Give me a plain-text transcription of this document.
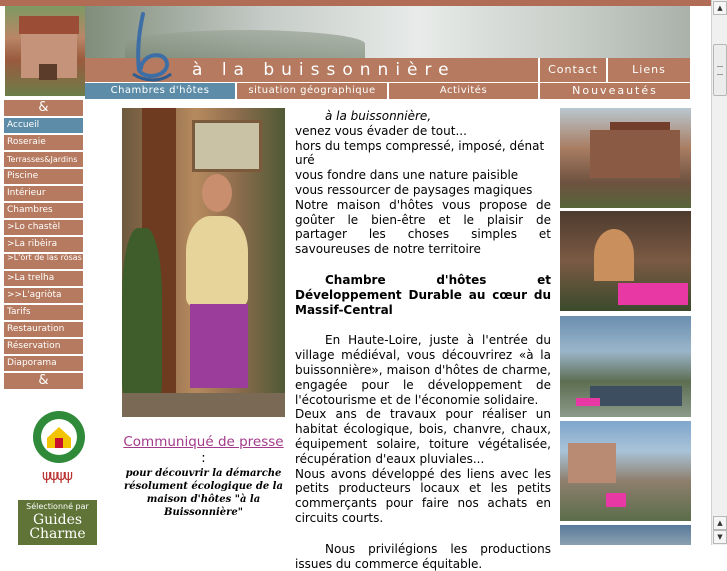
à la buissonnière	Contact	Liens
Chambres d'hôtes	situation géographique	Activités	Nouveautés
&
Accueil
Roseraie
Terrasses&Jardins
Piscine
Intérieur
Chambres
>Lo chastèl
>La ribèira
>L'òrt de las ròsas
>La trelha
>>L'agriòta
Tarifs
Restauration
Réservation
Diaporama
&
ψψψψ
Sélectionné par
Guides Charme
Communiqué de presse :
pour découvrir la démarche résolument écologique de la maison d'hôtes "à la Buissonnière"
à la buissonnière,
venez vous évader de tout...
hors du temps compressé, imposé, dénaturé
vous fondre dans une nature paisible
vous ressourcer de paysages magiques
Notre maison d'hôtes vous propose de goûter le bien-être et le plaisir de partager les choses simples et savoureuses de notre territoire
Chambre d'hôtes et Développement Durable au cœur du Massif-Central
En Haute-Loire, juste à l'entrée du village médiéval, vous découvrirez «à la buissonnière», maison d'hôtes de charme, engagée pour le développement de l'écotourisme et de l'économie solidaire.
Deux ans de travaux pour réaliser un habitat écologique, bois, chanvre, chaux, équipement solaire, toiture végétalisée, récupération d'eaux pluviales...
Nous avons développé des liens avec les petits producteurs locaux et les petits commerçants pour faire nos achats en circuits courts.
Nous privilégions les productions issues du commerce équitable.
▲
▲
▼
